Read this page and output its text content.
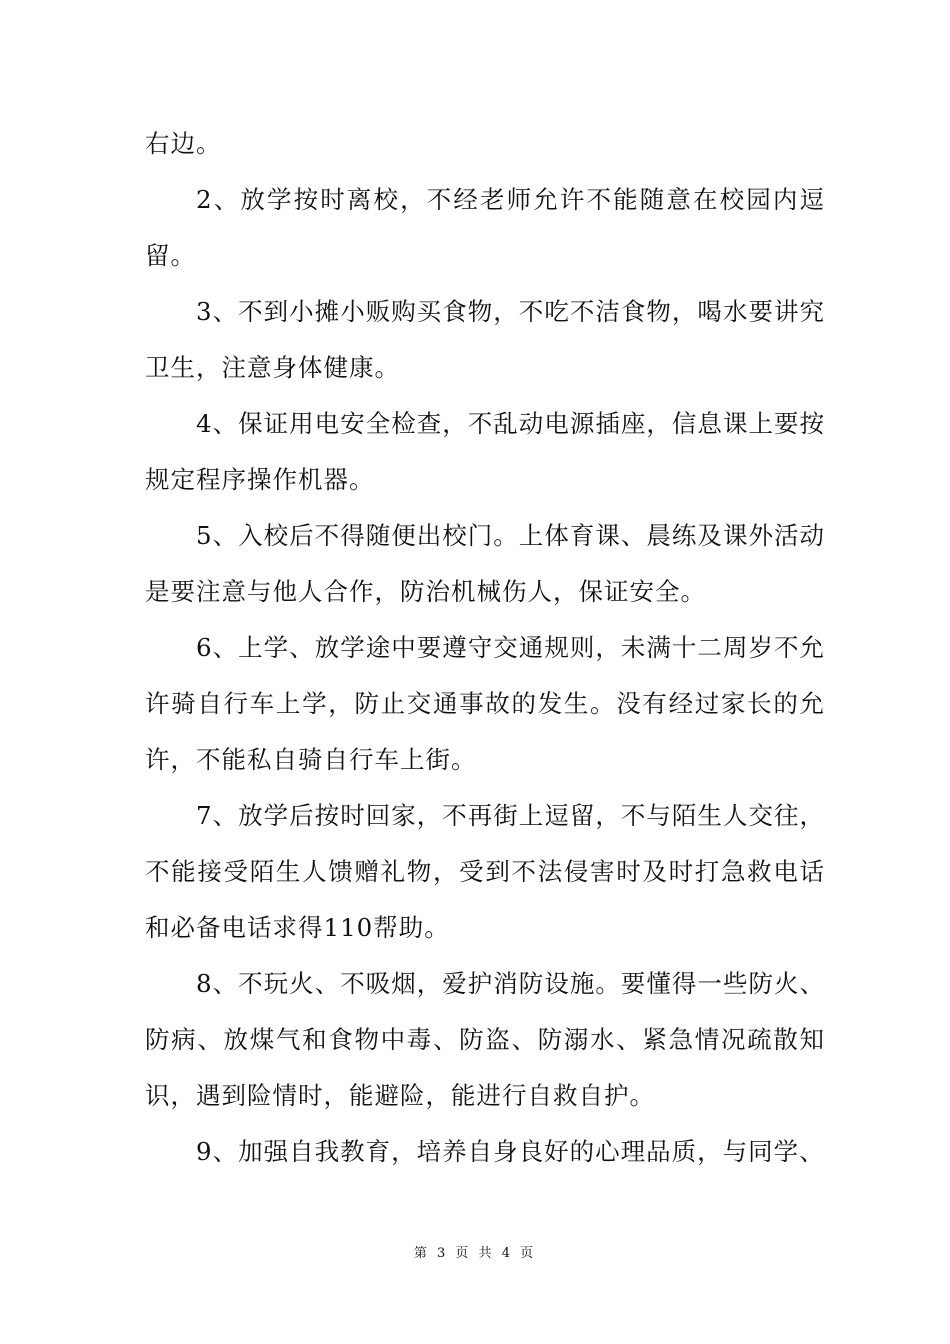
右边。

2、放学按时离校，不经老师允许不能随意在校园内逗留。

3、不到小摊小贩购买食物，不吃不洁食物，喝水要讲究卫生，注意身体健康。

4、保证用电安全检查，不乱动电源插座，信息课上要按规定程序操作机器。

5、入校后不得随便出校门。上体育课、晨练及课外活动是要注意与他人合作，防治机械伤人，保证安全。

6、上学、放学途中要遵守交通规则，未满十二周岁不允许骑自行车上学，防止交通事故的发生。没有经过家长的允许，不能私自骑自行车上街。

7、放学后按时回家，不再街上逗留，不与陌生人交往，不能接受陌生人馈赠礼物，受到不法侵害时及时打急救电话和必备电话求得110帮助。

8、不玩火、不吸烟，爱护消防设施。要懂得一些防火、防病、放煤气和食物中毒、防盗、防溺水、紧急情况疏散知识，遇到险情时，能避险，能进行自救自护。

9、加强自我教育，培养自身良好的心理品质，与同学、

第 3 页 共 4 页
